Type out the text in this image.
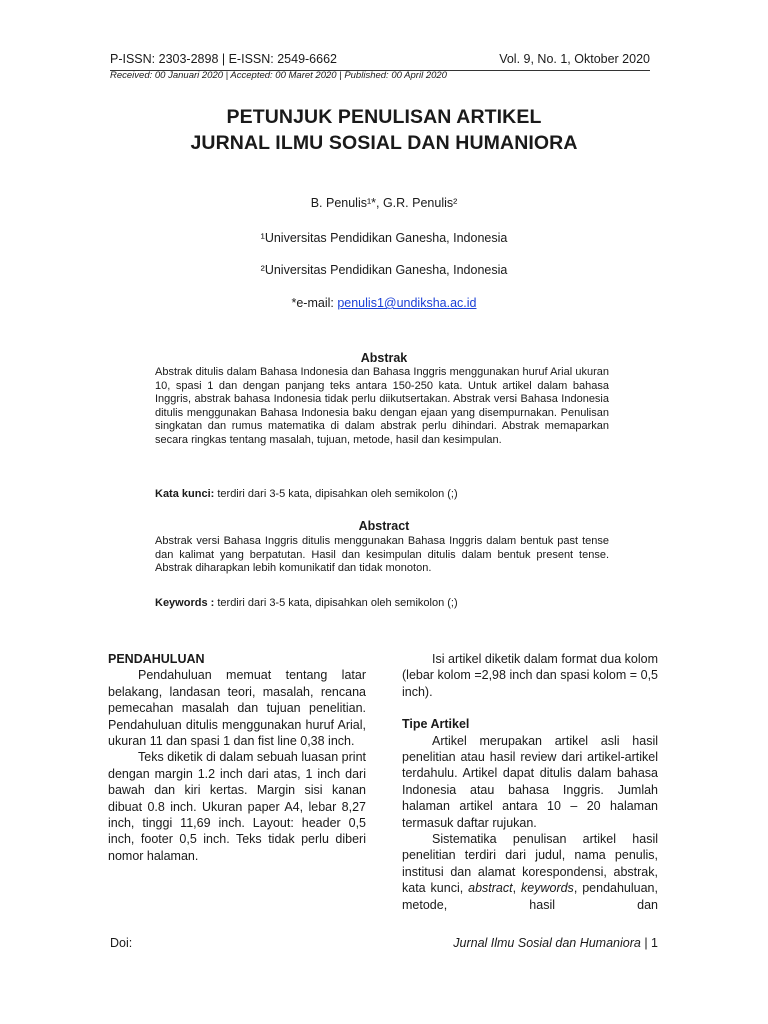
P-ISSN: 2303-2898 | E-ISSN: 2549-6662	Vol. 9, No. 1, Oktober 2020
Received: 00 Januari 2020 | Accepted: 00 Maret 2020 | Published: 00 April 2020
PETUNJUK PENULISAN ARTIKEL
JURNAL ILMU SOSIAL DAN HUMANIORA
B. Penulis¹*, G.R. Penulis²
¹Universitas Pendidikan Ganesha, Indonesia
²Universitas Pendidikan Ganesha, Indonesia
*e-mail: penulis1@undiksha.ac.id
Abstrak
Abstrak ditulis dalam Bahasa Indonesia dan Bahasa Inggris menggunakan huruf Arial ukuran 10, spasi 1 dan dengan panjang teks antara 150-250 kata. Untuk artikel dalam bahasa Inggris, abstrak bahasa Indonesia tidak perlu diikutsertakan. Abstrak versi Bahasa Indonesia ditulis menggunakan Bahasa Indonesia baku dengan ejaan yang disempurnakan. Penulisan singkatan dan rumus matematika di dalam abstrak perlu dihindari. Abstrak memaparkan secara ringkas tentang masalah, tujuan, metode, hasil dan kesimpulan.
Kata kunci: terdiri dari 3-5 kata, dipisahkan oleh semikolon (;)
Abstract
Abstrak versi Bahasa Inggris ditulis menggunakan Bahasa Inggris dalam bentuk past tense dan kalimat yang berpatutan. Hasil dan kesimpulan ditulis dalam bentuk present tense. Abstrak diharapkan lebih komunikatif dan tidak monoton.
Keywords : terdiri dari 3-5 kata, dipisahkan oleh semikolon (;)
PENDAHULUAN

Pendahuluan memuat tentang latar belakang, landasan teori, masalah, rencana pemecahan masalah dan tujuan penelitian. Pendahuluan ditulis menggunakan huruf Arial, ukuran 11 dan spasi 1 dan fist line 0,38 inch.

Teks diketik di dalam sebuah luasan print dengan margin 1.2 inch dari atas, 1 inch dari bawah dan kiri kertas. Margin sisi kanan dibuat 0.8 inch. Ukuran paper A4, lebar 8,27 inch, tinggi 11,69 inch. Layout: header 0,5 inch, footer 0,5 inch. Teks tidak perlu diberi nomor halaman.

Isi artikel diketik dalam format dua kolom (lebar kolom =2,98 inch dan spasi kolom = 0,5 inch).

Tipe Artikel

Artikel merupakan artikel asli hasil penelitian atau hasil review dari artikel-artikel terdahulu. Artikel dapat ditulis dalam bahasa Indonesia atau bahasa Inggris. Jumlah halaman artikel antara 10 – 20 halaman termasuk daftar rujukan.

Sistematika penulisan artikel hasil penelitian terdiri dari judul, nama penulis, institusi dan alamat korespondensi, abstrak, kata kunci, abstract, keywords, pendahuluan, metode, hasil dan

Doi:	Jurnal Ilmu Sosial dan Humaniora | 1
